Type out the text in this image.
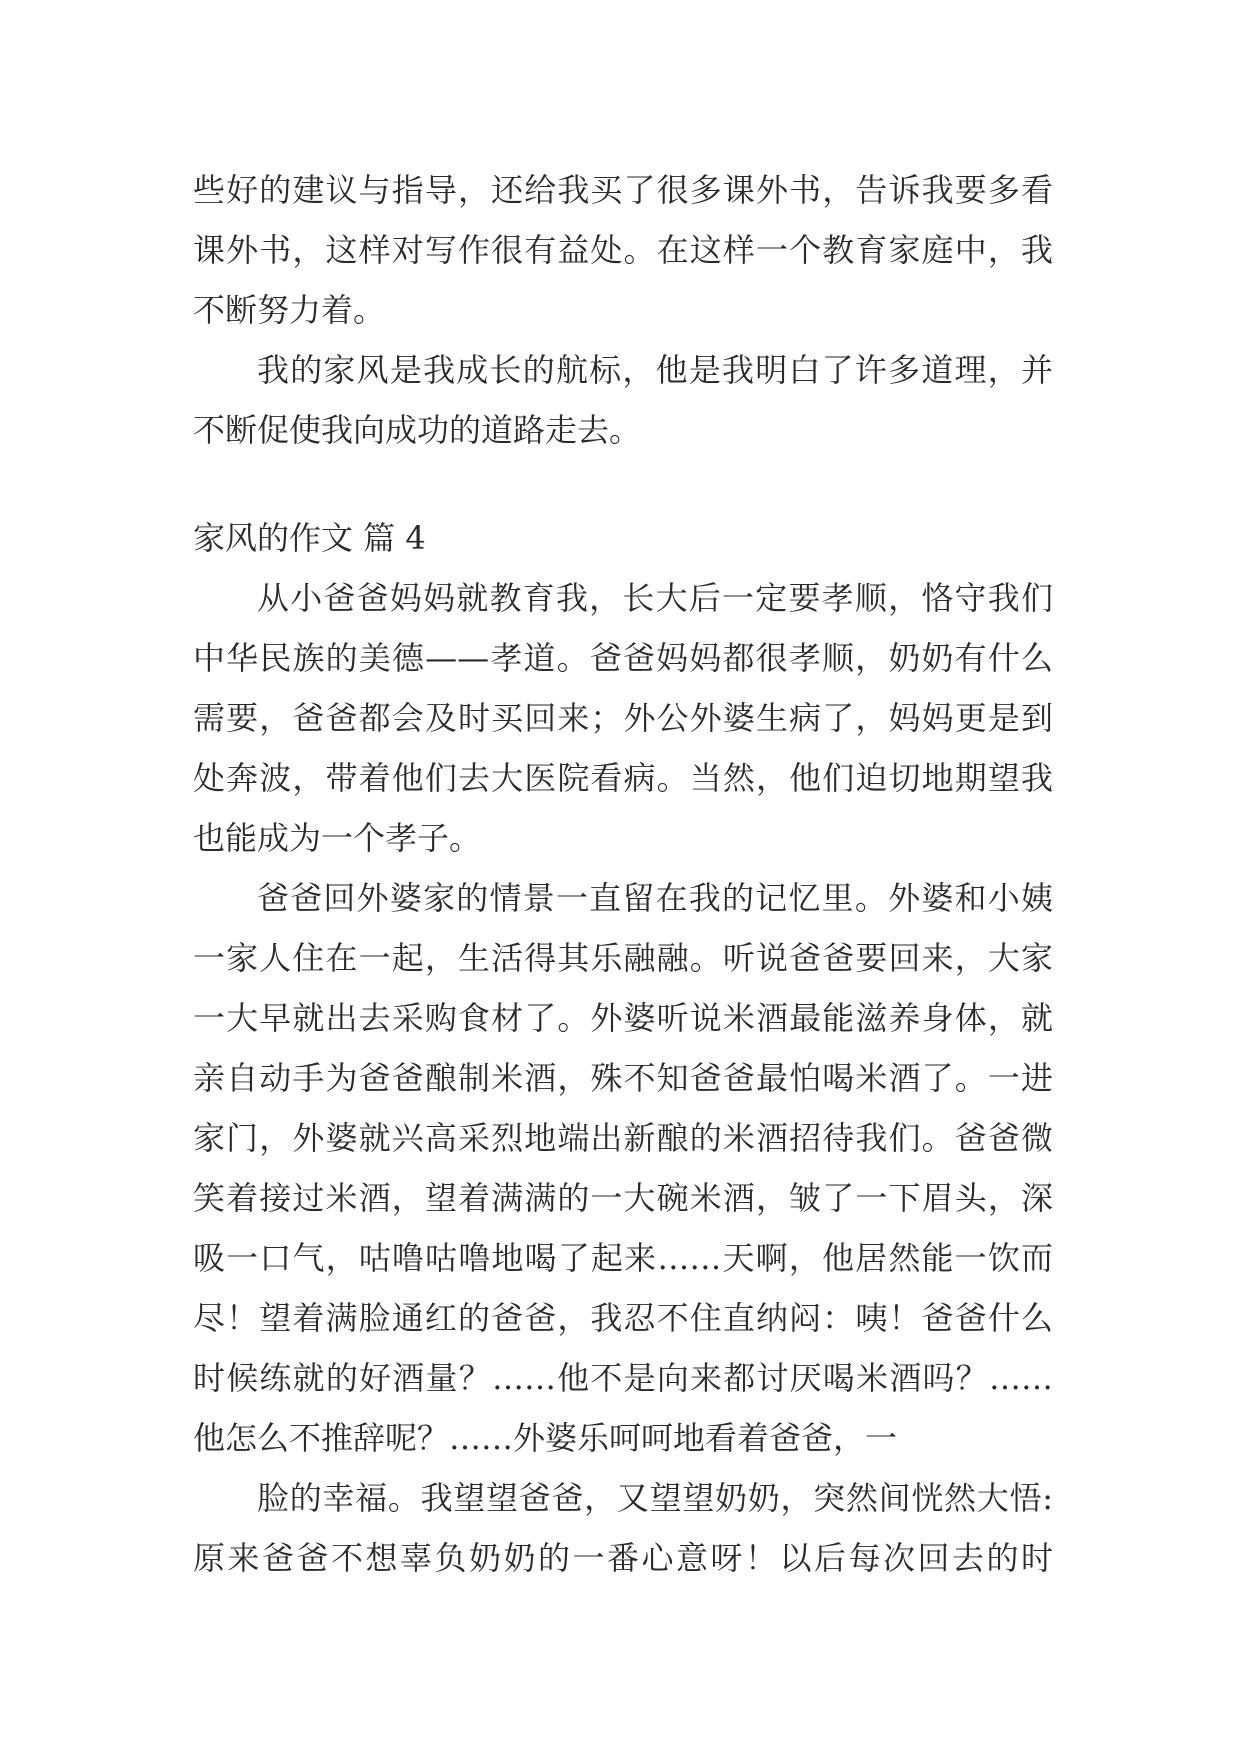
些好的建议与指导，还给我买了很多课外书，告诉我要多看
课外书，这样对写作很有益处。在这样一个教育家庭中，我
不断努力着。
我的家风是我成长的航标，他是我明白了许多道理，并
不断促使我向成功的道路走去。
家风的作文 篇 4
从小爸爸妈妈就教育我，长大后一定要孝顺，恪守我们
中华民族的美德——孝道。爸爸妈妈都很孝顺，奶奶有什么
需要，爸爸都会及时买回来；外公外婆生病了，妈妈更是到
处奔波，带着他们去大医院看病。当然，他们迫切地期望我
也能成为一个孝子。
爸爸回外婆家的情景一直留在我的记忆里。外婆和小姨
一家人住在一起，生活得其乐融融。听说爸爸要回来，大家
一大早就出去采购食材了。外婆听说米酒最能滋养身体，就
亲自动手为爸爸酿制米酒，殊不知爸爸最怕喝米酒了。一进
家门，外婆就兴高采烈地端出新酿的米酒招待我们。爸爸微
笑着接过米酒，望着满满的一大碗米酒，皱了一下眉头，深
吸一口气，咕噜咕噜地喝了起来……天啊，他居然能一饮而
尽！望着满脸通红的爸爸，我忍不住直纳闷：咦！爸爸什么
时候练就的好酒量？……他不是向来都讨厌喝米酒吗？……
他怎么不推辞呢？……外婆乐呵呵地看着爸爸，一
脸的幸福。我望望爸爸，又望望奶奶，突然间恍然大悟:
原来爸爸不想辜负奶奶的一番心意呀！以后每次回去的时
